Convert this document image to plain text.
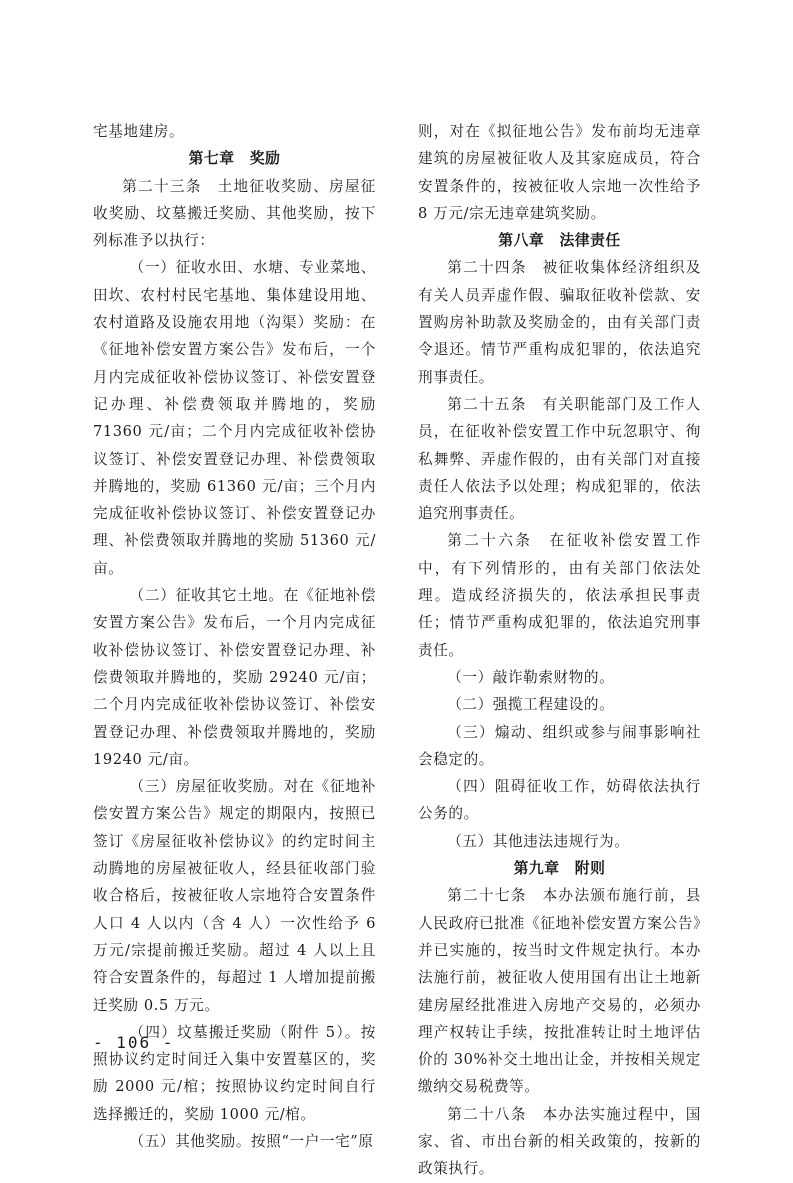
宅基地建房。

第七章　奖励

第二十三条　土地征收奖励、房屋征收奖励、坟墓搬迁奖励、其他奖励，按下列标准予以执行：

（一）征收水田、水塘、专业菜地、田坎、农村村民宅基地、集体建设用地、农村道路及设施农用地（沟渠）奖励：在《征地补偿安置方案公告》发布后，一个月内完成征收补偿协议签订、补偿安置登记办理、补偿费领取并腾地的，奖励 71360 元/亩；二个月内完成征收补偿协议签订、补偿安置登记办理、补偿费领取并腾地的，奖励 61360 元/亩；三个月内完成征收补偿协议签订、补偿安置登记办理、补偿费领取并腾地的奖励 51360 元/亩。

（二）征收其它土地。在《征地补偿安置方案公告》发布后，一个月内完成征收补偿协议签订、补偿安置登记办理、补偿费领取并腾地的，奖励 29240 元/亩；二个月内完成征收补偿协议签订、补偿安置登记办理、补偿费领取并腾地的，奖励 19240 元/亩。

（三）房屋征收奖励。对在《征地补偿安置方案公告》规定的期限内，按照已签订《房屋征收补偿协议》的约定时间主动腾地的房屋被征收人，经县征收部门验收合格后，按被征收人宗地符合安置条件人口 4 人以内（含 4 人）一次性给予 6 万元/宗提前搬迁奖励。超过 4 人以上且符合安置条件的，每超过 1 人增加提前搬迁奖励 0.5 万元。

（四）坟墓搬迁奖励（附件 5）。按照协议约定时间迁入集中安置墓区的，奖励 2000 元/棺；按照协议约定时间自行选择搬迁的，奖励 1000 元/棺。

（五）其他奖励。按照“一户一宅”原

则，对在《拟征地公告》发布前均无违章建筑的房屋被征收人及其家庭成员，符合安置条件的，按被征收人宗地一次性给予 8 万元/宗无违章建筑奖励。

第八章　法律责任

第二十四条　被征收集体经济组织及有关人员弄虚作假、骗取征收补偿款、安置购房补助款及奖励金的，由有关部门责令退还。情节严重构成犯罪的，依法追究刑事责任。

第二十五条　有关职能部门及工作人员，在征收补偿安置工作中玩忽职守、徇私舞弊、弄虚作假的，由有关部门对直接责任人依法予以处理；构成犯罪的，依法追究刑事责任。

第二十六条　在征收补偿安置工作中，有下列情形的，由有关部门依法处理。造成经济损失的，依法承担民事责任；情节严重构成犯罪的，依法追究刑事责任。

（一）敲诈勒索财物的。

（二）强揽工程建设的。

（三）煽动、组织或参与闹事影响社会稳定的。

（四）阻碍征收工作，妨碍依法执行公务的。

（五）其他违法违规行为。

第九章　附则

第二十七条　本办法颁布施行前，县人民政府已批准《征地补偿安置方案公告》并已实施的，按当时文件规定执行。本办法施行前，被征收人使用国有出让土地新建房屋经批准进入房地产交易的，必须办理产权转让手续，按批准转让时土地评估价的 30%补交土地出让金，并按相关规定缴纳交易税费等。

第二十八条　本办法实施过程中，国家、省、市出台新的相关政策的，按新的政策执行。

- 106 -
